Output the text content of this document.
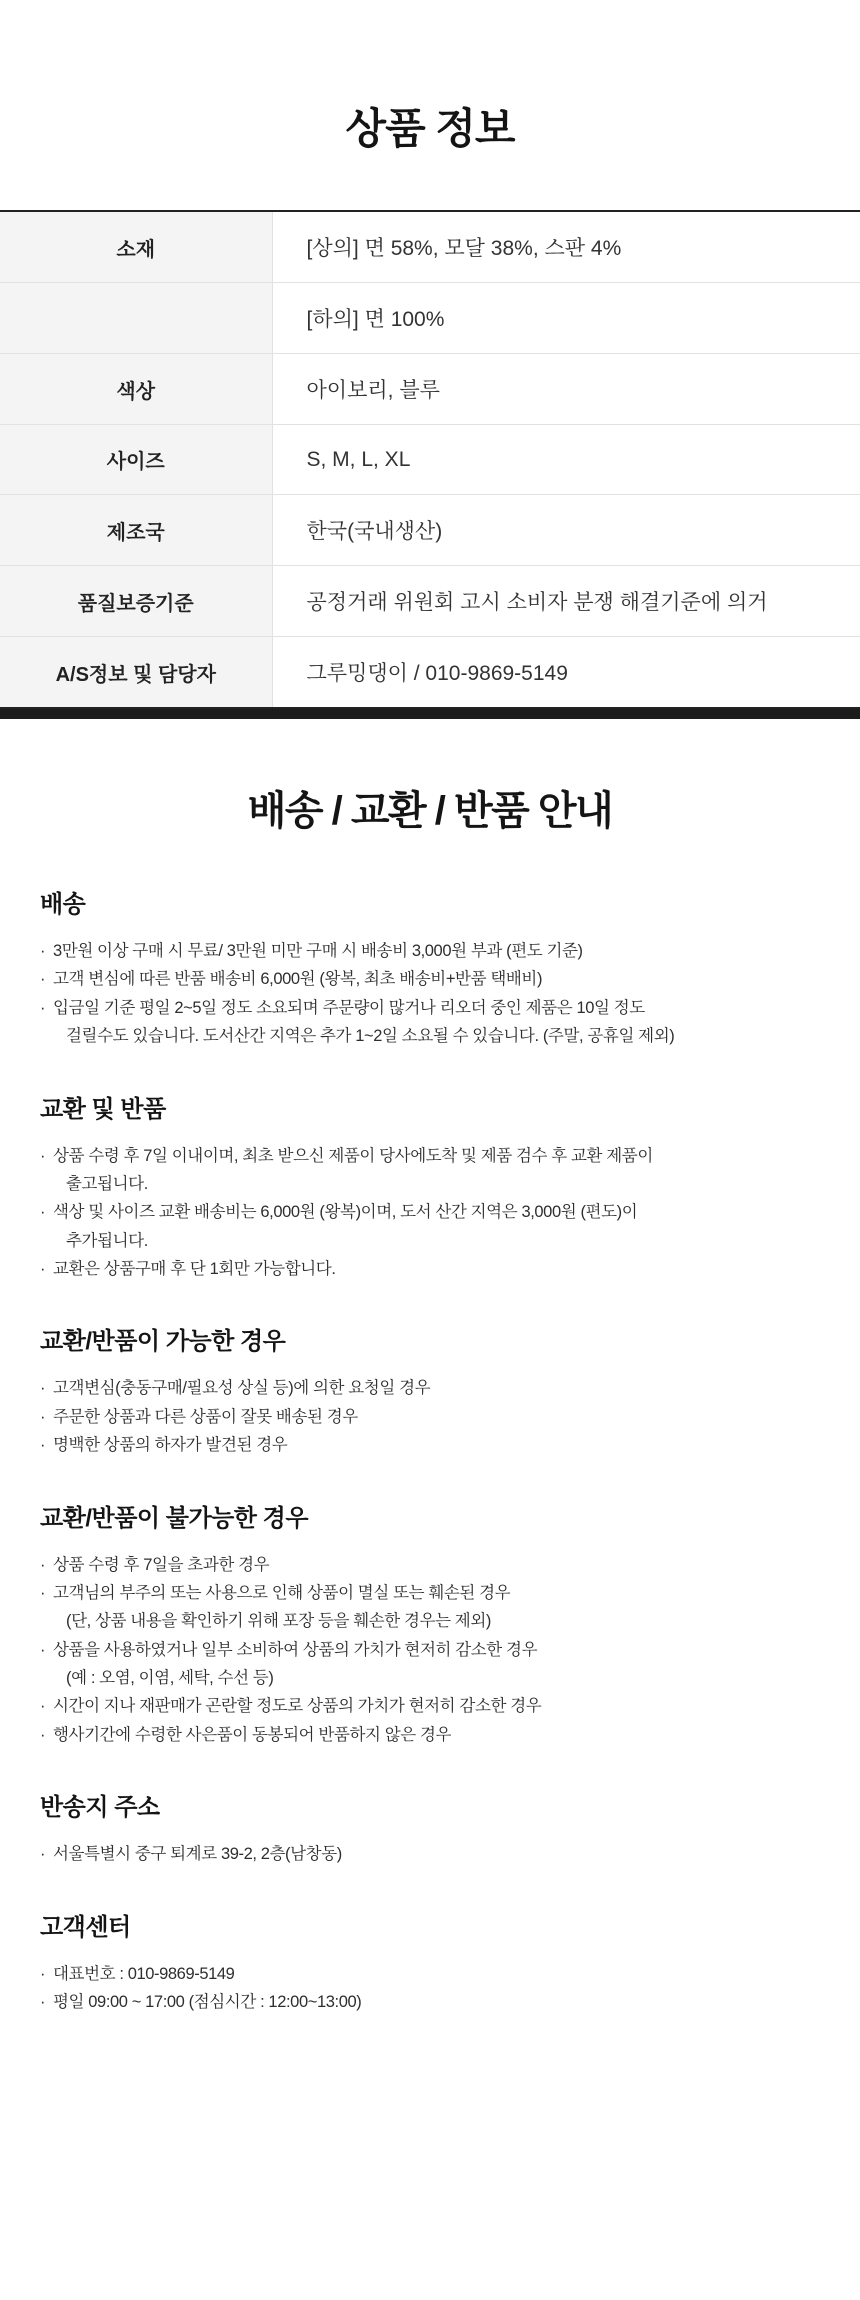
상품 정보
소재	[상의] 면 58%, 모달 38%, 스판 4%
	[하의] 면 100%
색상	아이보리, 블루
사이즈	S, M, L, XL
제조국	한국(국내생산)
품질보증기준	공정거래 위원회 고시 소비자 분쟁 해결기준에 의거
A/S정보 및 담당자	그루밍댕이 / 010-9869-5149
배송 / 교환 / 반품 안내
배송
· 3만원 이상 구매 시 무료/ 3만원 미만 구매 시 배송비 3,000원 부과 (편도 기준)
· 고객 변심에 따른 반품 배송비 6,000원 (왕복, 최초 배송비+반품 택배비)
· 입금일 기준 평일 2~5일 정도 소요되며 주문량이 많거나 리오더 중인 제품은 10일 정도
걸릴수도 있습니다. 도서산간 지역은 추가 1~2일 소요될 수 있습니다. (주말, 공휴일 제외)
교환 및 반품
· 상품 수령 후 7일 이내이며, 최초 받으신 제품이 당사에도착 및 제품 검수 후 교환 제품이
출고됩니다.
· 색상 및 사이즈 교환 배송비는 6,000원 (왕복)이며, 도서 산간 지역은 3,000원 (편도)이
추가됩니다.
· 교환은 상품구매 후 단 1회만 가능합니다.
교환/반품이 가능한 경우
· 고객변심(충동구매/필요성 상실 등)에 의한 요청일 경우
· 주문한 상품과 다른 상품이 잘못 배송된 경우
· 명백한 상품의 하자가 발견된 경우
교환/반품이 불가능한 경우
· 상품 수령 후 7일을 초과한 경우
· 고객님의 부주의 또는 사용으로 인해 상품이 멸실 또는 훼손된 경우
(단, 상품 내용을 확인하기 위해 포장 등을 훼손한 경우는 제외)
· 상품을 사용하였거나 일부 소비하여 상품의 가치가 현저히 감소한 경우
(예 : 오염, 이염, 세탁, 수선 등)
· 시간이 지나 재판매가 곤란할 정도로 상품의 가치가 현저히 감소한 경우
· 행사기간에 수령한 사은품이 동봉되어 반품하지 않은 경우
반송지 주소
· 서울특별시 중구 퇴계로 39-2, 2층(남창동)
고객센터
· 대표번호 : 010-9869-5149
· 평일 09:00 ~ 17:00 (점심시간 : 12:00~13:00)
